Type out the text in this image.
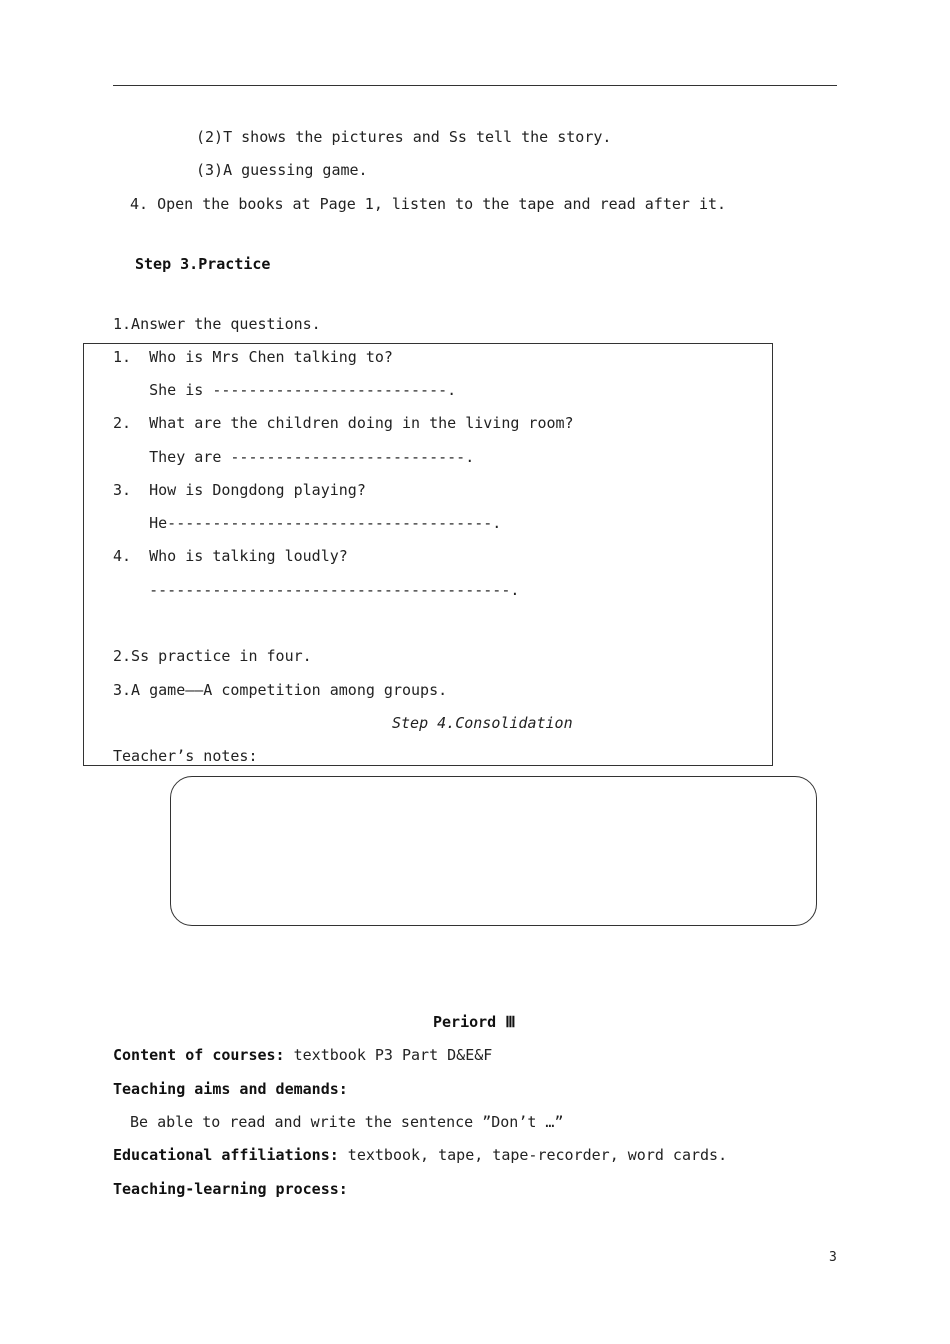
(2)T shows the pictures and Ss tell the story.
(3)A guessing game.
4. Open the books at Page 1, listen to the tape and read after it.
Step 3.Practice
1.Answer the questions.
1.  Who is Mrs Chen talking to?
She is --------------------------.
2.  What are the children doing in the living room?
They are --------------------------.
3.  How is Dongdong playing?
He------------------------------------.
4.  Who is talking loudly?
----------------------------------------.
2.Ss practice in four.
3.A game——A competition among groups.
Step 4.Consolidation
Teacher’s notes:
Periord Ⅲ
Content of courses: textbook P3 Part D&E&F
Teaching aims and demands:
Be able to read and write the sentence ”Don’t …”
Educational affiliations: textbook, tape, tape-recorder, word cards.
Teaching-learning process:
3
